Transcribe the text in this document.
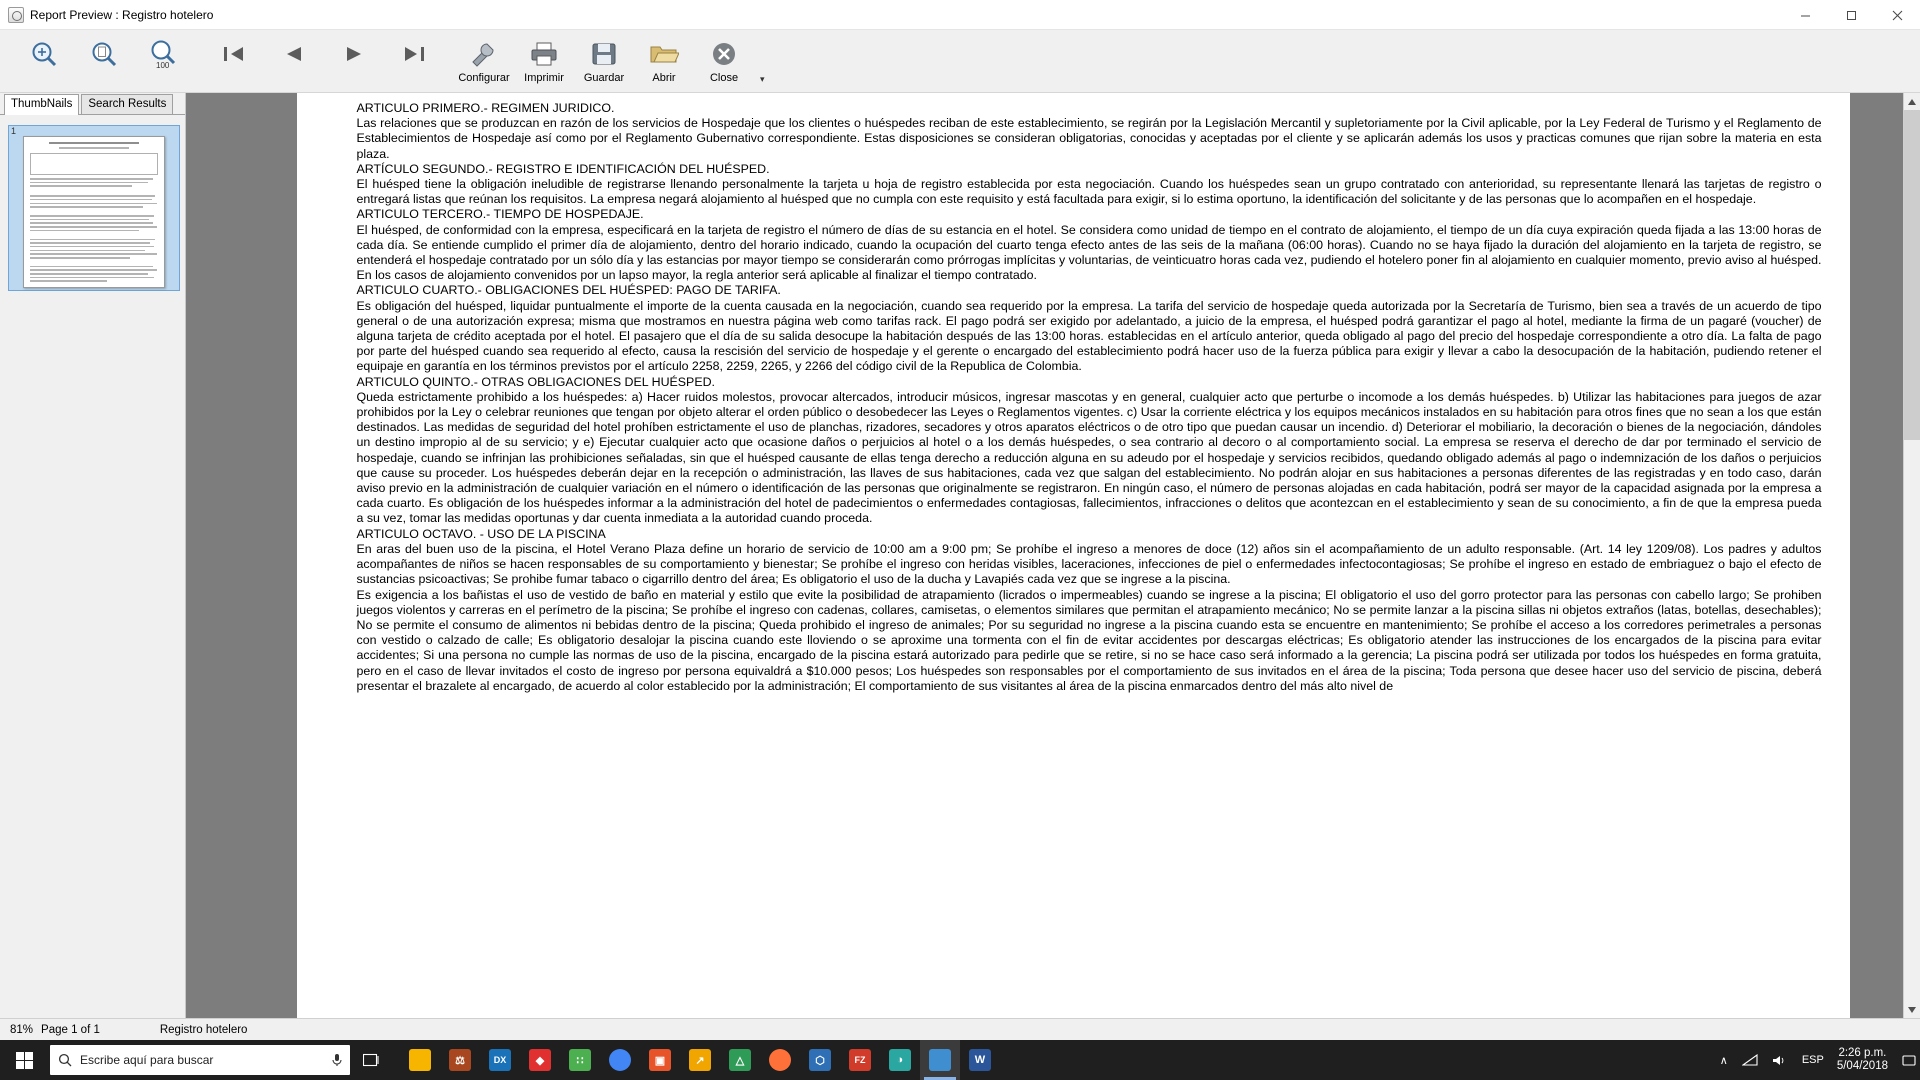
Report Preview : Registro hotelero
100
Configurar Imprimir Guardar	Abrir	Close ▾
ThumbNails	Search Results
1

ARTICULO PRIMERO.- REGIMEN JURIDICO.

Las relaciones que se produzcan en razón de los servicios de Hospedaje que los clientes o huéspedes reciban de este establecimiento, se regirán por la Legislación Mercantil y supletoriamente por la Civil aplicable, por la Ley Federal de Turismo y el Reglamento de Establecimientos de Hospedaje así como por el Reglamento Gubernativo correspondiente. Estas disposiciones se consideran obligatorias, conocidas y aceptadas por el cliente y se aplicarán además los usos y practicas comunes que rijan sobre la materia en esta plaza.

ARTÍCULO SEGUNDO.- REGISTRO E IDENTIFICACIÓN DEL HUÉSPED.

El huésped tiene la obligación ineludible de registrarse llenando personalmente la tarjeta u hoja de registro establecida por esta negociación. Cuando los huéspedes sean un grupo contratado con anterioridad, su representante llenará las tarjetas de registro o entregará listas que reúnan los requisitos. La empresa negará alojamiento al huésped que no cumpla con este requisito y está facultada para exigir, si lo estima oportuno, la identificación del solicitante y de las personas que lo acompañen en el hospedaje.

ARTICULO TERCERO.- TIEMPO DE HOSPEDAJE.

El huésped, de conformidad con la empresa, especificará en la tarjeta de registro el número de días de su estancia en el hotel. Se considera como unidad de tiempo en el contrato de alojamiento, el tiempo de un día cuya expiración queda fijada a las 13:00 horas de cada día. Se entiende cumplido el primer día de alojamiento, dentro del horario indicado, cuando la ocupación del cuarto tenga efecto antes de las seis de la mañana (06:00 horas). Cuando no se haya fijado la duración del alojamiento en la tarjeta de registro, se entenderá el hospedaje contratado por un sólo día y las estancias por mayor tiempo se considerarán como prórrogas implícitas y voluntarias, de veinticuatro horas cada vez, pudiendo el hotelero poner fin al alojamiento en cualquier momento, previo aviso al huésped. En los casos de alojamiento convenidos por un lapso mayor, la regla anterior será aplicable al finalizar el tiempo contratado.

ARTICULO CUARTO.- OBLIGACIONES DEL HUÉSPED: PAGO DE TARIFA.

Es obligación del huésped, liquidar puntualmente el importe de la cuenta causada en la negociación, cuando sea requerido por la empresa. La tarifa del servicio de hospedaje queda autorizada por la Secretaría de Turismo, bien sea a través de un acuerdo de tipo general o de una autorización expresa; misma que mostramos en nuestra página web como tarifas rack. El pago podrá ser exigido por adelantado, a juicio de la empresa, el huésped podrá garantizar el pago al hotel, mediante la firma de un pagaré (voucher) de alguna tarjeta de crédito aceptada por el hotel. El pasajero que el día de su salida desocupe la habitación después de las 13:00 horas. establecidas en el artículo anterior, queda obligado al pago del precio del hospedaje correspondiente a otro día. La falta de pago por parte del huésped cuando sea requerido al efecto, causa la rescisión del servicio de hospedaje y el gerente o encargado del establecimiento podrá hacer uso de la fuerza pública para exigir y llevar a cabo la desocupación de la habitación, pudiendo retener el equipaje en garantía en los términos previstos por el artículo 2258, 2259, 2265, y 2266 del código civil de la Republica de Colombia.

ARTICULO QUINTO.- OTRAS OBLIGACIONES DEL HUÉSPED.

Queda estrictamente prohibido a los huéspedes: a) Hacer ruidos molestos, provocar altercados, introducir músicos, ingresar mascotas y en general, cualquier acto que perturbe o incomode a los demás huéspedes. b) Utilizar las habitaciones para juegos de azar prohibidos por la Ley o celebrar reuniones que tengan por objeto alterar el orden público o desobedecer las Leyes o Reglamentos vigentes. c) Usar la corriente eléctrica y los equipos mecánicos instalados en su habitación para otros fines que no sean a los que están destinados. Las medidas de seguridad del hotel prohíben estrictamente el uso de planchas, rizadores, secadores y otros aparatos eléctricos o de otro tipo que puedan causar un incendio. d) Deteriorar el mobiliario, la decoración o bienes de la negociación, dándoles un destino impropio al de su servicio; y e) Ejecutar cualquier acto que ocasione daños o perjuicios al hotel o a los demás huéspedes, o sea contrario al decoro o al comportamiento social. La empresa se reserva el derecho de dar por terminado el servicio de hospedaje, cuando se infrinjan las prohibiciones señaladas, sin que el huésped causante de ellas tenga derecho a reducción alguna en su adeudo por el hospedaje y servicios recibidos, quedando obligado además al pago o indemnización de los daños o perjuicios que cause su proceder. Los huéspedes deberán dejar en la recepción o administración, las llaves de sus habitaciones, cada vez que salgan del establecimiento. No podrán alojar en sus habitaciones a personas diferentes de las registradas y en todo caso, darán aviso previo en la administración de cualquier variación en el número o identificación de las personas que originalmente se registraron. En ningún caso, el número de personas alojadas en cada habitación, podrá ser mayor de la capacidad asignada por la empresa a cada cuarto. Es obligación de los huéspedes informar a la administración del hotel de padecimientos o enfermedades contagiosas, fallecimientos, infracciones o delitos que acontezcan en el establecimiento y sean de su conocimiento, a fin de que la empresa pueda a su vez, tomar las medidas oportunas y dar cuenta inmediata a la autoridad cuando proceda.

ARTICULO OCTAVO. - USO DE LA PISCINA

En aras del buen uso de la piscina, el Hotel Verano Plaza define un horario de servicio de 10:00 am a 9:00 pm; Se prohíbe el ingreso a menores de doce (12) años sin el acompañamiento de un adulto responsable. (Art. 14 ley 1209/08). Los padres y adultos acompañantes de niños se hacen responsables de su comportamiento y bienestar; Se prohíbe el ingreso con heridas visibles, laceraciones, infecciones de piel o enfermedades infectocontagiosas; Se prohíbe el ingreso en estado de embriaguez o bajo el efecto de sustancias psicoactivas; Se prohibe fumar tabaco o cigarrillo dentro del área; Es obligatorio el uso de la ducha y Lavapiés cada vez que se ingrese a la piscina.

Es exigencia a los bañistas el uso de vestido de baño en material y estilo que evite la posibilidad de atrapamiento (licrados o impermeables) cuando se ingrese a la piscina; El obligatorio el uso del gorro protector para las personas con cabello largo; Se prohiben juegos violentos y carreras en el perímetro de la piscina; Se prohíbe el ingreso con cadenas, collares, camisetas, o elementos similares que permitan el atrapamiento mecánico; No se permite lanzar a la piscina sillas ni objetos extraños (latas, botellas, desechables); No se permite el consumo de alimentos ni bebidas dentro de la piscina; Queda prohibido el ingreso de animales; Por su seguridad no ingrese a la piscina cuando esta se encuentre en mantenimiento; Se prohíbe el acceso a los corredores perimetrales a personas con vestido o calzado de calle; Es obligatorio desalojar la piscina cuando este lloviendo o se aproxime una tormenta con el fin de evitar accidentes por descargas eléctricas; Es obligatorio atender las instrucciones de los encargados de la piscina para evitar accidentes; Si una persona no cumple las normas de uso de la piscina, encargado de la piscina estará autorizado para pedirle que se retire, si no se hace caso será informado a la gerencia; La piscina podrá ser utilizada por todos los huéspedes en forma gratuita, pero en el caso de llevar invitados el costo de ingreso por persona equivaldrá a $10.000 pesos; Los huéspedes son responsables por el comportamiento de sus invitados en el área de la piscina; Toda persona que desee hacer uso del servicio de piscina, deberá presentar el brazalete al encargado, de acuerdo al color establecido por la administración; El comportamiento de sus visitantes al área de la piscina enmarcados dentro del más alto nivel de

81% Page 1 of 1	Registro hotelero
Escribe aquí para buscar	⚖	DX	◆	∷	▣	↗	△	⬡	FZ	◑	W	∧	ESP
2:26 p.m.
5/04/2018
